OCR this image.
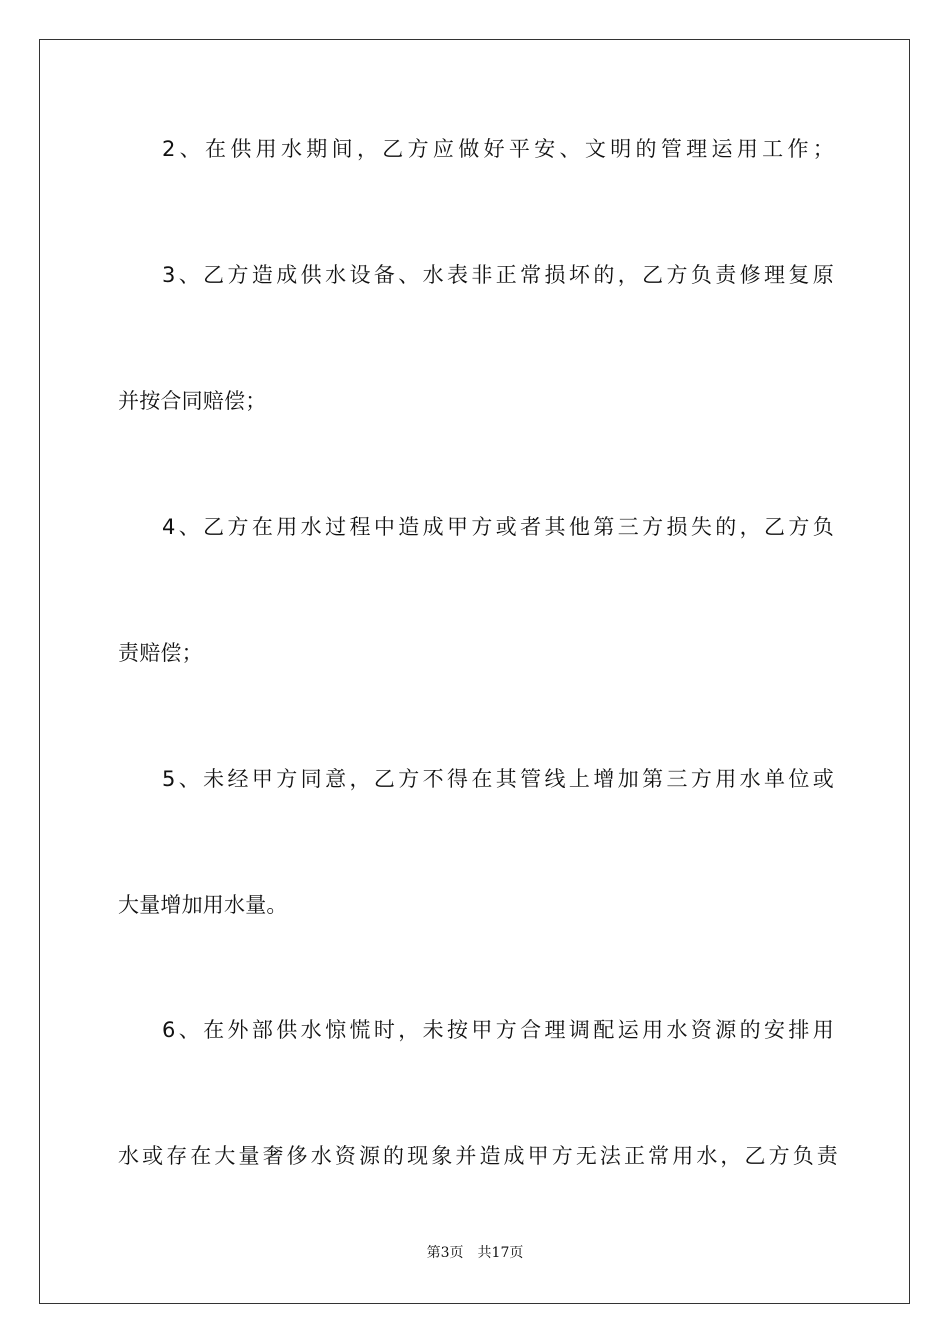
2、在供用水期间，乙方应做好平安、文明的管理运用工作；
3、乙方造成供水设备、水表非正常损坏的，乙方负责修理复原
并按合同赔偿；
4、乙方在用水过程中造成甲方或者其他第三方损失的，乙方负
责赔偿；
5、未经甲方同意，乙方不得在其管线上增加第三方用水单位或
大量增加用水量。
6、在外部供水惊慌时，未按甲方合理调配运用水资源的安排用
水或存在大量奢侈水资源的现象并造成甲方无法正常用水，乙方负责
第3页 共17页
